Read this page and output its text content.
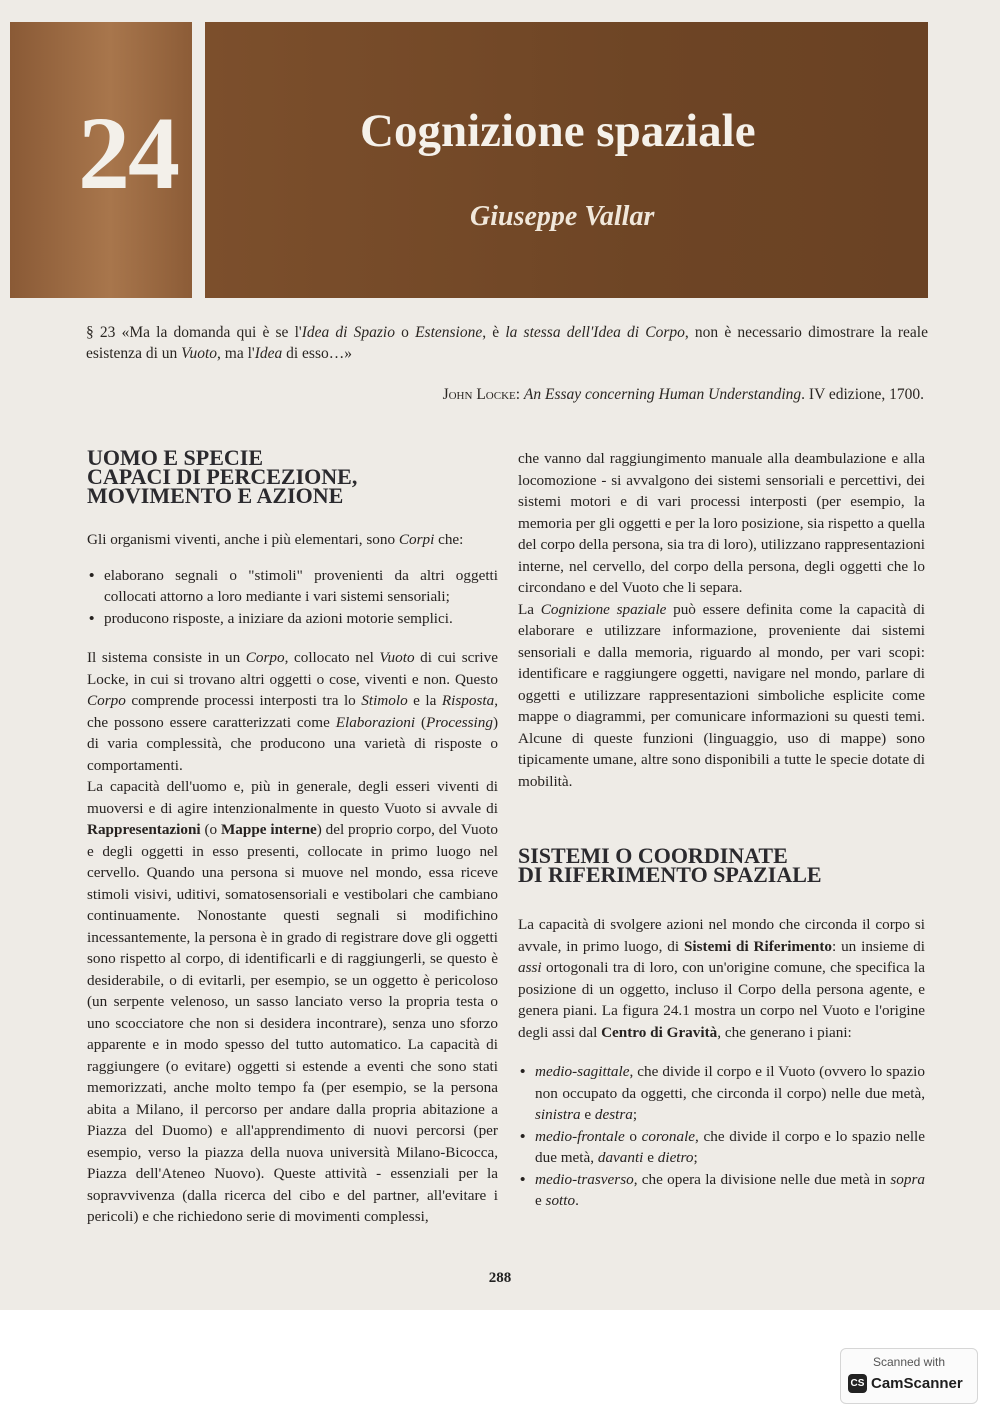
24	Cognizione spaziale
Giuseppe Vallar
§ 23 «Ma la domanda qui è se l'Idea di Spazio o Estensione, è la stessa dell'Idea di Corpo, non è necessario dimostrare la reale esistenza di un Vuoto, ma l'Idea di esso…»
John Locke: An Essay concerning Human Understanding. IV edizione, 1700.
UOMO E SPECIE
CAPACI DI PERCEZIONE,
MOVIMENTO E AZIONE

Gli organismi viventi, anche i più elementari, sono Corpi che:

• elaborano segnali o "stimoli" provenienti da altri oggetti collocati attorno a loro mediante i vari sistemi sensoriali;
• producono risposte, a iniziare da azioni motorie semplici.

Il sistema consiste in un Corpo, collocato nel Vuoto di cui scrive Locke, in cui si trovano altri oggetti o cose, viventi e non. Questo Corpo comprende processi interposti tra lo Stimolo e la Risposta, che possono essere caratterizzati come Elaborazioni (Processing) di varia complessità, che producono una varietà di risposte o comportamenti.

La capacità dell'uomo e, più in generale, degli esseri viventi di muoversi e di agire intenzionalmente in questo Vuoto si avvale di Rappresentazioni (o Mappe interne) del proprio corpo, del Vuoto e degli oggetti in esso presenti, collocate in primo luogo nel cervello. Quando una persona si muove nel mondo, essa riceve stimoli visivi, uditivi, somatosensoriali e vestibolari che cambiano continuamente. Nonostante questi segnali si modifichino incessantemente, la persona è in grado di registrare dove gli oggetti sono rispetto al corpo, di identificarli e di raggiungerli, se questo è desiderabile, o di evitarli, per esempio, se un oggetto è pericoloso (un serpente velenoso, un sasso lanciato verso la propria testa o uno scocciatore che non si desidera incontrare), senza uno sforzo apparente e in modo spesso del tutto automatico. La capacità di raggiungere (o evitare) oggetti si estende a eventi che sono stati memorizzati, anche molto tempo fa (per esempio, se la persona abita a Milano, il percorso per andare dalla propria abitazione a Piazza del Duomo) e all'apprendimento di nuovi percorsi (per esempio, verso la piazza della nuova università Milano-Bicocca, Piazza dell'Ateneo Nuovo). Queste attività - essenziali per la sopravvivenza (dalla ricerca del cibo e del partner, all'evitare i pericoli) e che richiedono serie di movimenti complessi,

che vanno dal raggiungimento manuale alla deambulazione e alla locomozione - si avvalgono dei sistemi sensoriali e percettivi, dei sistemi motori e di vari processi interposti (per esempio, la memoria per gli oggetti e per la loro posizione, sia rispetto a quella del corpo della persona, sia tra di loro), utilizzano rappresentazioni interne, nel cervello, del corpo della persona, degli oggetti che lo circondano e del Vuoto che li separa.

La Cognizione spaziale può essere definita come la capacità di elaborare e utilizzare informazione, proveniente dai sistemi sensoriali e dalla memoria, riguardo al mondo, per vari scopi: identificare e raggiungere oggetti, navigare nel mondo, parlare di oggetti e utilizzare rappresentazioni simboliche esplicite come mappe o diagrammi, per comunicare informazioni su questi temi. Alcune di queste funzioni (linguaggio, uso di mappe) sono tipicamente umane, altre sono disponibili a tutte le specie dotate di mobilità.

SISTEMI O COORDINATE
DI RIFERIMENTO SPAZIALE

La capacità di svolgere azioni nel mondo che circonda il corpo si avvale, in primo luogo, di Sistemi di Riferimento: un insieme di assi ortogonali tra di loro, con un'origine comune, che specifica la posizione di un oggetto, incluso il Corpo della persona agente, e genera piani. La figura 24.1 mostra un corpo nel Vuoto e l'origine degli assi dal Centro di Gravità, che generano i piani:

• medio-sagittale, che divide il corpo e il Vuoto (ovvero lo spazio non occupato da oggetti, che circonda il corpo) nelle due metà, sinistra e destra;
• medio-frontale o coronale, che divide il corpo e lo spazio nelle due metà, davanti e dietro;
• medio-trasverso, che opera la divisione nelle due metà in sopra e sotto.
288
Scanned with
CS CamScanner
